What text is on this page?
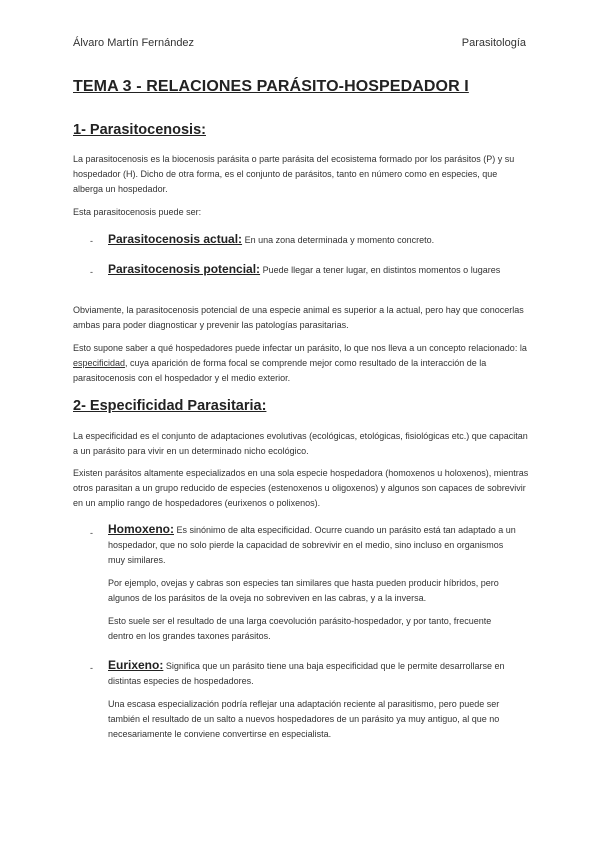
Álvaro Martín Fernández	Parasitología
TEMA 3 - RELACIONES PARÁSITO-HOSPEDADOR I
1- Parasitocenosis:

La parasitocenosis es la biocenosis parásita o parte parásita del ecosistema formado por los parásitos (P) y su hospedador (H). Dicho de otra forma, es el conjunto de parásitos, tanto en número como en especies, que alberga un hospedador.

Esta parasitocenosis puede ser:

- Parasitocenosis actual: En una zona determinada y momento concreto.

- Parasitocenosis potencial: Puede llegar a tener lugar, en distintos momentos o lugares

Obviamente, la parasitocenosis potencial de una especie animal es superior a la actual, pero hay que conocerlas ambas para poder diagnosticar y prevenir las patologías parasitarias.

Esto supone saber a qué hospedadores puede infectar un parásito, lo que nos lleva a un concepto relacionado: la especificidad, cuya aparición de forma focal se comprende mejor como resultado de la interacción de la parasitocenosis con el hospedador y el medio exterior.

2- Especificidad Parasitaria:

La especificidad es el conjunto de adaptaciones evolutivas (ecológicas, etológicas, fisiológicas etc.) que capacitan a un parásito para vivir en un determinado nicho ecológico.

Existen parásitos altamente especializados en una sola especie hospedadora (homoxenos u holoxenos), mientras otros parasitan a un grupo reducido de especies (estenoxenos u oligoxenos) y algunos son capaces de sobrevivir en un amplio rango de hospedadores (eurixenos o polixenos).

- Homoxeno: Es sinónimo de alta especificidad. Ocurre cuando un parásito está tan adaptado a un hospedador, que no solo pierde la capacidad de sobrevivir en el medio, sino incluso en organismos muy similares.

Por ejemplo, ovejas y cabras son especies tan similares que hasta pueden producir híbridos, pero algunos de los parásitos de la oveja no sobreviven en las cabras, y a la inversa.

Esto suele ser el resultado de una larga coevolución parásito-hospedador, y por tanto, frecuente dentro en los grandes taxones parásitos.

- Eurixeno: Significa que un parásito tiene una baja especificidad que le permite desarrollarse en distintas especies de hospedadores.

Una escasa especialización podría reflejar una adaptación reciente al parasitismo, pero puede ser también el resultado de un salto a nuevos hospedadores de un parásito ya muy antiguo, al que no necesariamente le conviene convertirse en especialista.
